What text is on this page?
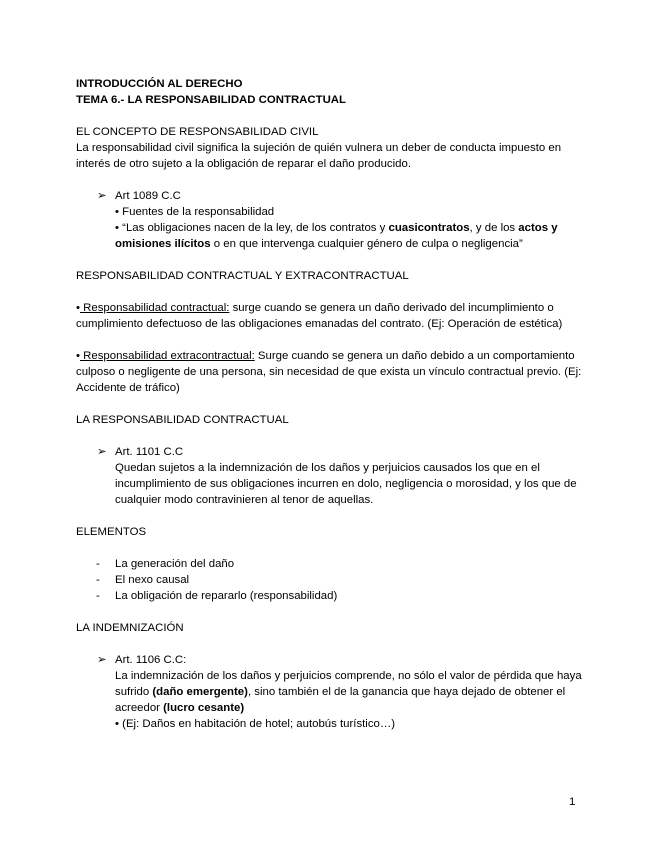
INTRODUCCIÓN AL DERECHO

TEMA 6.- LA RESPONSABILIDAD CONTRACTUAL

EL CONCEPTO DE RESPONSABILIDAD CIVIL

La responsabilidad civil significa la sujeción de quién vulnera un deber de conducta impuesto en interés de otro sujeto a la obligación de reparar el daño producido.

➢ Art 1089 C.C

• Fuentes de la responsabilidad

• “Las obligaciones nacen de la ley, de los contratos y cuasicontratos, y de los actos y omisiones ilícitos o en que intervenga cualquier género de culpa o negligencia”

RESPONSABILIDAD CONTRACTUAL Y EXTRACONTRACTUAL

• Responsabilidad contractual: surge cuando se genera un daño derivado del incumplimiento o cumplimiento defectuoso de las obligaciones emanadas del contrato. (Ej: Operación de estética)

• Responsabilidad extracontractual: Surge cuando se genera un daño debido a un comportamiento culposo o negligente de una persona, sin necesidad de que exista un vínculo contractual previo. (Ej: Accidente de tráfico)

LA RESPONSABILIDAD CONTRACTUAL

➢ Art. 1101 C.C

Quedan sujetos a la indemnización de los daños y perjuicios causados los que en el incumplimiento de sus obligaciones incurren en dolo, negligencia o morosidad, y los que de cualquier modo contravinieren al tenor de aquellas.

ELEMENTOS

- La generación del daño
- El nexo causal
- La obligación de repararlo (responsabilidad)

LA INDEMNIZACIÓN

➢ Art. 1106 C.C:

La indemnización de los daños y perjuicios comprende, no sólo el valor de pérdida que haya sufrido (daño emergente), sino también el de la ganancia que haya dejado de obtener el acreedor (lucro cesante)

• (Ej: Daños en habitación de hotel; autobús turístico…)

1
